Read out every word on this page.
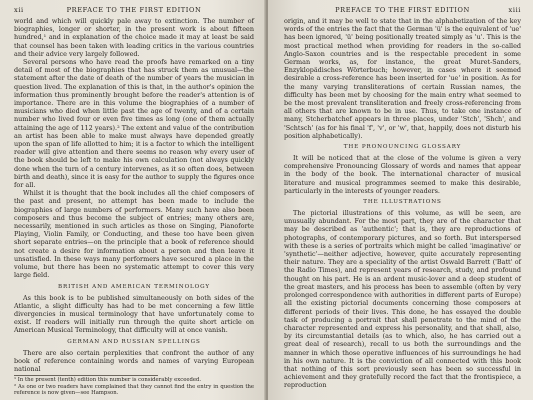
xii	PREFACE TO THE FIRST EDITION

world and which will quickly pale away to extinction. The number of biographies, longer or shorter, in the present work is about fifteen hundred,¹ and in explanation of the choice made it may at least be said that counsel has been taken with leading critics in the various countries and their advice very largely followed.

Several persons who have read the proofs have remarked on a tiny detail of most of the biographies that has struck them as unusual—the statement after the date of death of the number of years the musician in question lived. The explanation of this is that, in the author's opinion the information thus prominently brought before the reader's attention is of importance. There are in this volume the biographies of a number of musicians who died when little past the age of twenty, and of a certain number who lived four or even five times as long (one of them actually attaining the age of 112 years).² The extent and value of the contribution an artist has been able to make must always have depended greatly upon the span of life allotted to him; it is a factor to which the intelligent reader will give attention and there seems no reason why every user of the book should be left to make his own calculation (not always quickly done when the turn of a century intervenes, as it so often does, between birth and death), since it is easy for the author to supply the figures once for all.

Whilst it is thought that the book includes all the chief composers of the past and present, no attempt has been made to include the biographies of large numbers of performers. Many such have also been composers and thus become the subject of entries; many others are, necessarily, mentioned in such articles as those on Singing, Pianoforte Playing, Violin Family, or Conducting, and these too have been given short separate entries—on the principle that a book of reference should not create a desire for information about a person and then leave it unsatisfied. In these ways many performers have secured a place in the volume, but there has been no systematic attempt to cover this very large field.

BRITISH AND AMERICAN TERMINOLOGY

As this book is to be published simultaneously on both sides of the Atlantic, a slight difficulty has had to be met concerning a few little divergencies in musical terminology that have unfortunately come to exist. If readers will initially run through the quite short article on American Musical Terminology, that difficulty will at once vanish.

GERMAN AND RUSSIAN SPELLINGS

There are also certain perplexities that confront the author of any book of reference containing words and names of varying European national

¹ In the present (tenth) edition this number is considerably exceeded.

² As one or two readers have complained that they cannot find the entry in question the reference is now given—see Hampson.

PREFACE TO THE FIRST EDITION	xiii

origin, and it may be well to state that in the alphabetization of the key words of the entries the fact that the German 'ü' is the equivalent of 'ue' has been ignored, 'ü' being positionally treated simply as 'u'. This is the most practical method when providing for readers in the so-called Anglo-Saxon countries and is the respectable precedent in some German works, as, for instance, the great Muret-Sanders, Enzyklopädisches Wörterbuch; however, in cases where it seemed desirable a cross-reference has been inserted for 'ue' in position. As for the many varying transliterations of certain Russian names, the difficulty has been met by choosing for the main entry what seemed to be the most prevalent transliteration and freely cross-referencing from all others that are known to be in use. Thus, to take one instance of many, Stcherbatchef appears in three places, under 'Stch', 'Shch', and 'Schtsch' (as for his final 'f', 'v', or 'w', that, happily, does not disturb his position alphabetically).

THE PRONOUNCING GLOSSARY

It will be noticed that at the close of the volume is given a very comprehensive Pronouncing Glossary of words and names that appear in the body of the book. The international character of musical literature and musical programmes seemed to make this desirable, particularly in the interests of younger readers.

THE ILLUSTRATIONS

The pictorial illustrations of this volume, as will be seen, are unusually abundant. For the most part, they are of the character that may be described as 'authentic'; that is, they are reproductions of photographs, of contemporary pictures, and so forth. But interspersed with these is a series of portraits which might be called 'imaginative' or 'synthetic'—neither adjective, however, quite accurately representing their nature. They are a speciality of the artist Oswald Barrett ('Batt' of the Radio Times), and represent years of research, study, and profound thought on his part. He is an ardent music-lover and a deep student of the great masters, and his process has been to assemble (often by very prolonged correspondence with authorities in different parts of Europe) all the existing pictorial documents concerning those composers at different periods of their lives. This done, he has essayed the double task of producing a portrait that shall penetrate to the mind of the character represented and express his personality, and that shall, also, by its circumstantial details (as to which, also, he has carried out a great deal of research), recall to us both the surroundings and the manner in which those operative influences of his surroundings he had in his own nature. It is the conviction of all connected with this book that nothing of this sort previously seen has been so successful in achievement and they gratefully record the fact that the frontispiece, a reproduction
